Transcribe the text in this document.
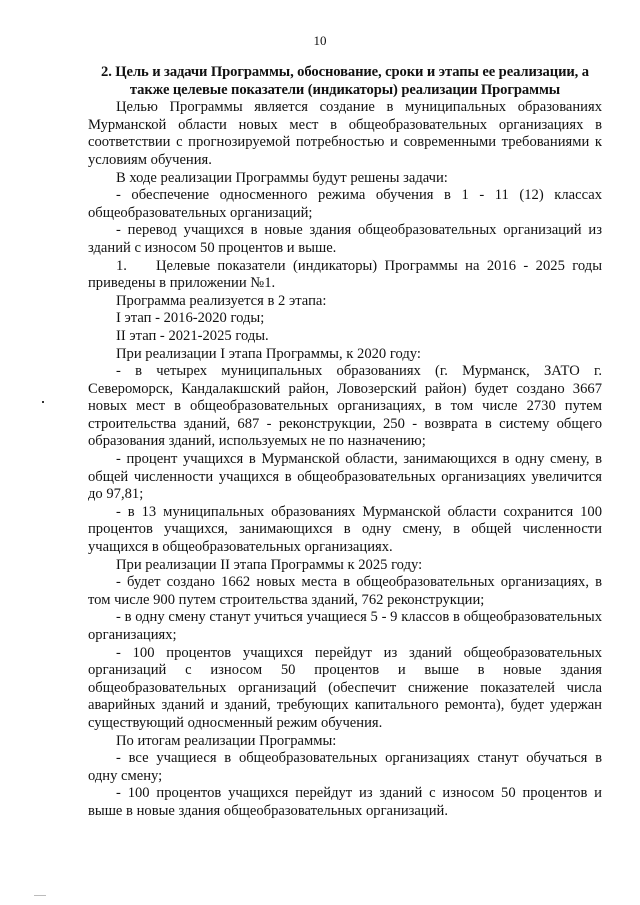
10

2. Цель и задачи Программы, обоснование, сроки и этапы ее реализации, а также целевые показатели (индикаторы) реализации Программы

Целью Программы является создание в муниципальных образованиях Мурманской области новых мест в общеобразовательных организациях в соответствии с прогнозируемой потребностью и современными требованиями к условиям обучения.

В ходе реализации Программы будут решены задачи:

- обеспечение односменного режима обучения в 1 - 11 (12) классах общеобразовательных организаций;

- перевод учащихся в новые здания общеобразовательных организаций из зданий с износом 50 процентов и выше.

1. Целевые показатели (индикаторы) Программы на 2016 - 2025 годы приведены в приложении №1.

Программа реализуется в 2 этапа:

I этап - 2016-2020 годы;

II этап - 2021-2025 годы.

При реализации I этапа Программы, к 2020 году:

- в четырех муниципальных образованиях (г. Мурманск, ЗАТО г. Североморск, Кандалакшский район, Ловозерский район) будет создано 3667 новых мест в общеобразовательных организациях, в том числе 2730 путем строительства зданий, 687 - реконструкции, 250 - возврата в систему общего образования зданий, используемых не по назначению;

- процент учащихся в Мурманской области, занимающихся в одну смену, в общей численности учащихся в общеобразовательных организациях увеличится до 97,81;

- в 13 муниципальных образованиях Мурманской области сохранится 100 процентов учащихся, занимающихся в одну смену, в общей численности учащихся в общеобразовательных организациях.

При реализации II этапа Программы к 2025 году:

- будет создано 1662 новых места в общеобразовательных организациях, в том числе 900 путем строительства зданий, 762 реконструкции;

- в одну смену станут учиться учащиеся 5 - 9 классов в общеобразовательных организациях;

- 100 процентов учащихся перейдут из зданий общеобразовательных организаций с износом 50 процентов и выше в новые здания общеобразовательных организаций (обеспечит снижение показателей числа аварийных зданий и зданий, требующих капитального ремонта), будет удержан существующий односменный режим обучения.

По итогам реализации Программы:

- все учащиеся в общеобразовательных организациях станут обучаться в одну смену;

- 100 процентов учащихся перейдут из зданий с износом 50 процентов и выше в новые здания общеобразовательных организаций.
